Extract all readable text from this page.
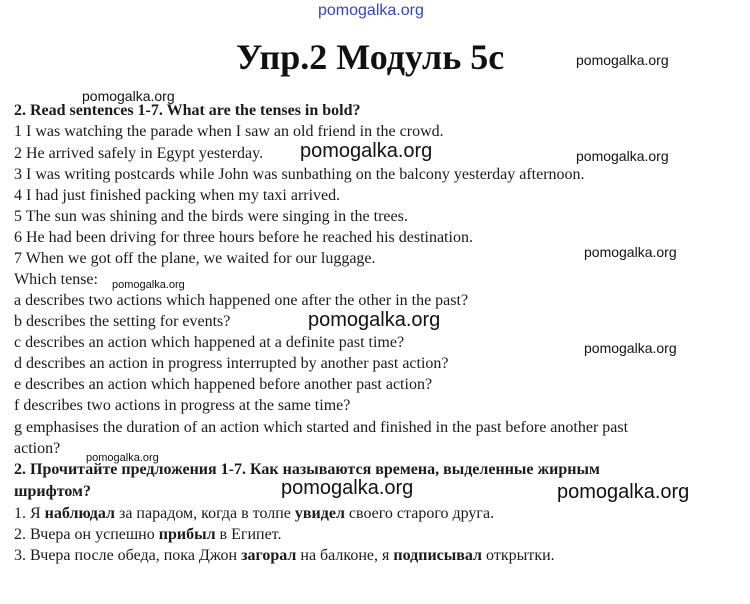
pomogalka.org
Упр.2 Модуль 5с	pomogalka.org
pomogalka.org
pomogalka.org	pomogalka.org
pomogalka.org
pomogalka.org
pomogalka.org
pomogalka.org
pomogalka.org
pomogalka.org	pomogalka.org
2. Read sentences 1-7. What are the tenses in bold?
1 I was watching the parade when I saw an old friend in the crowd.
2 He arrived safely in Egypt yesterday.
3 I was writing postcards while John was sunbathing on the balcony yesterday afternoon.
4 I had just finished packing when my taxi arrived.
5 The sun was shining and the birds were singing in the trees.
6 He had been driving for three hours before he reached his destination.
7 When we got off the plane, we waited for our luggage.
Which tense:
a describes two actions which happened one after the other in the past?
b describes the setting for events?
c describes an action which happened at a definite past time?
d describes an action in progress interrupted by another past action?
e describes an action which happened before another past action?
f describes two actions in progress at the same time?
g emphasises the duration of an action which started and finished in the past before another past
action?
2. Прочитайте предложения 1-7. Как называются времена, выделенные жирным
шрифтом?
1. Я наблюдал за парадом, когда в толпе увидел своего старого друга.
2. Вчера он успешно прибыл в Египет.
3. Вчера после обеда, пока Джон загорал на балконе, я подписывал открытки.
